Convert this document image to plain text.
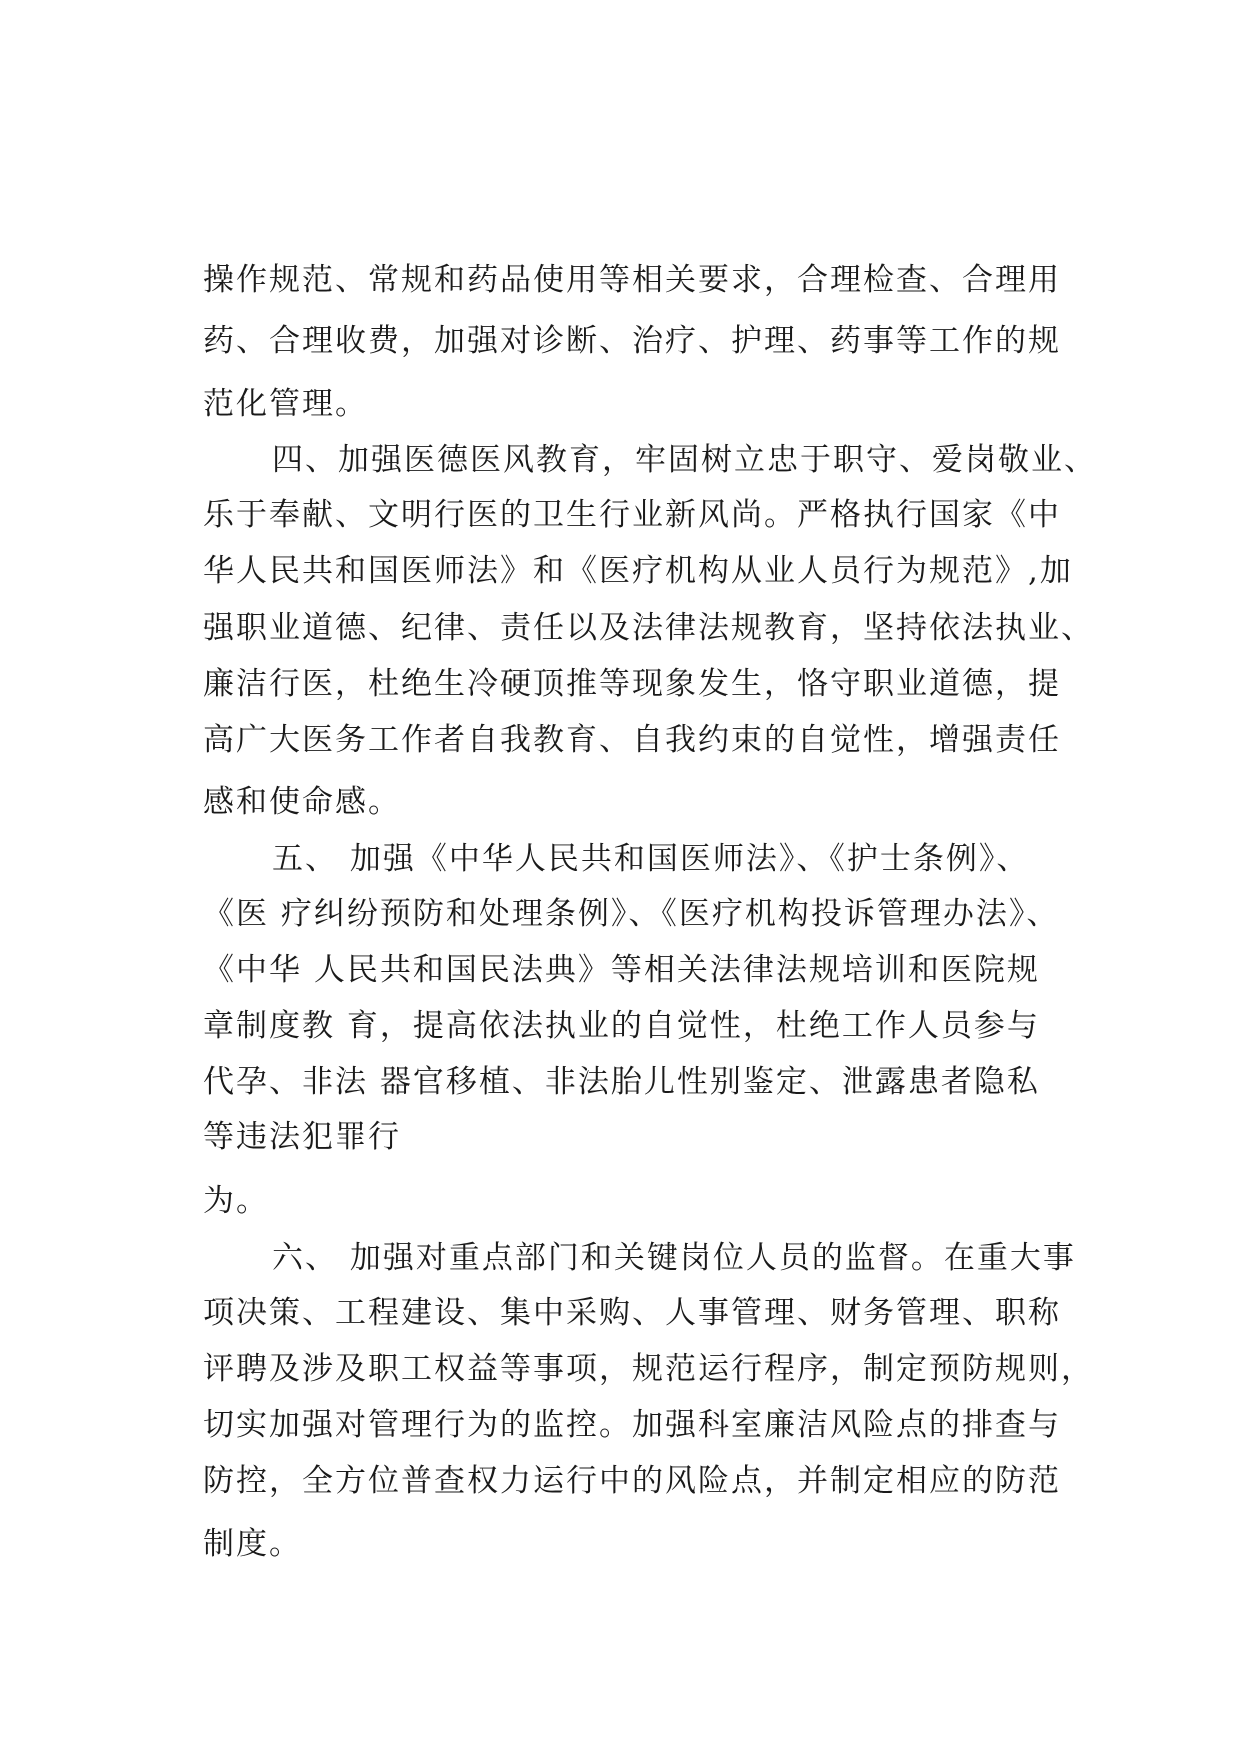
操作规范、常规和药品使用等相关要求，合理检查、合理用

药、合理收费，加强对诊断、治疗、护理、药事等工作的规

范化管理。

四、加强医德医风教育，牢固树立忠于职守、爱岗敬业、

乐于奉献、文明行医的卫生行业新风尚。严格执行国家《中

华人民共和国医师法》和《医疗机构从业人员行为规范》,加

强职业道德、纪律、责任以及法律法规教育，坚持依法执业、

廉洁行医，杜绝生冷硬顶推等现象发生，恪守职业道德，提

高广大医务工作者自我教育、自我约束的自觉性，增强责任

感和使命感。

五、 加强《中华人民共和国医师法》、《护士条例》、

《医 疗纠纷预防和处理条例》、《医疗机构投诉管理办法》、

《中华 人民共和国民法典》等相关法律法规培训和医院规

章制度教 育，提高依法执业的自觉性，杜绝工作人员参与

代孕、非法 器官移植、非法胎儿性别鉴定、泄露患者隐私

等违法犯罪行

为。

六、 加强对重点部门和关键岗位人员的监督。在重大事

项决策、工程建设、集中采购、人事管理、财务管理、职称

评聘及涉及职工权益等事项，规范运行程序，制定预防规则，

切实加强对管理行为的监控。加强科室廉洁风险点的排查与

防控，全方位普查权力运行中的风险点，并制定相应的防范

制度。
